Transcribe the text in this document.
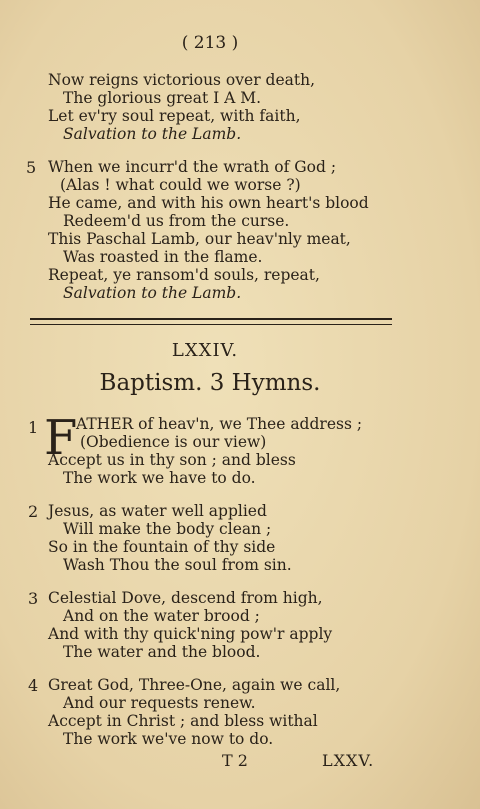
( 213 )
Now reigns victorious over death,
The glorious great I A M.
Let ev'ry soul repeat, with faith,
Salvation to the Lamb.
5 When we incurr'd the wrath of God ;
(Alas ! what could we worse ?)
He came, and with his own heart's blood
Redeem'd us from the curse.
This Paschal Lamb, our heav'nly meat,
Was roasted in the flame.
Repeat, ye ransom'd souls, repeat,
Salvation to the Lamb.
LXXIV.
Baptism. 3 Hymns.
1 F
ATHER of heav'n, we Thee address ;
(Obedience is our view)
Accept us in thy son ; and bless
The work we have to do.
2 Jesus, as water well applied
Will make the body clean ;
So in the fountain of thy side
Wash Thou the soul from sin.
3 Celestial Dove, descend from high,
And on the water brood ;
And with thy quick'ning pow'r apply
The water and the blood.
4 Great God, Three-One, again we call,
And our requests renew.
Accept in Christ ; and bless withal
The work we've now to do.
T 2	LXXV.
